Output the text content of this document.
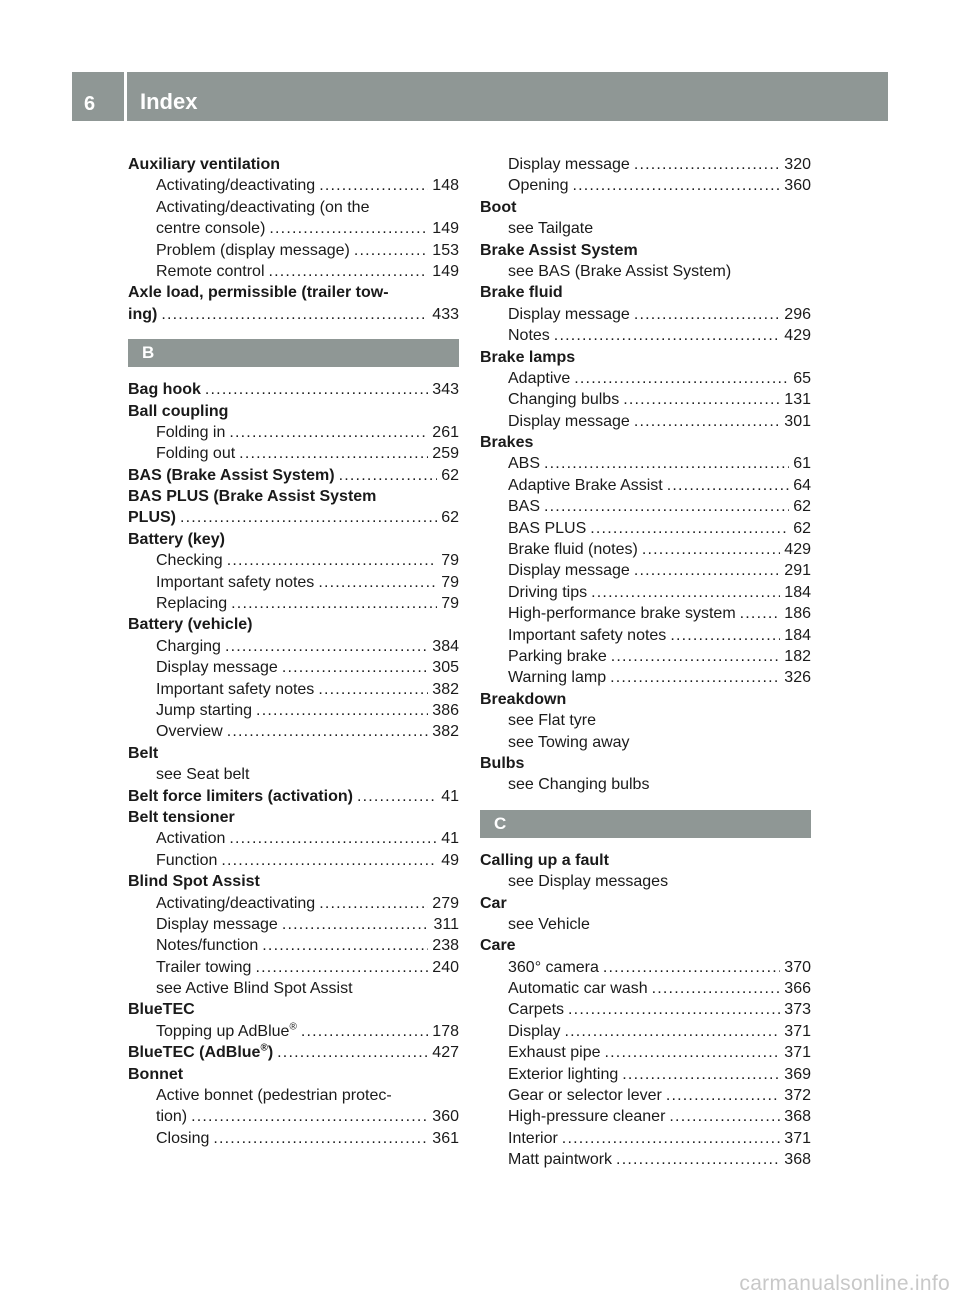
6 Index
Auxiliary ventilation
Activating/deactivating .....	148
Activating/deactivating (on the
centre console) .....	149
Problem (display message) .....	153
Remote control .....	149
Axle load, permissible (trailer tow-
ing) .....	433
B
Bag hook .....	343
Ball coupling
Folding in .....	261
Folding out .....	259
BAS (Brake Assist System) .....	62
BAS PLUS (Brake Assist System
PLUS) .....	62
Battery (key)
Checking .....	79
Important safety notes .....	79
Replacing .....	79
Battery (vehicle)
Charging .....	384
Display message .....	305
Important safety notes .....	382
Jump starting .....	386
Overview .....	382
Belt
see Seat belt
Belt force limiters (activation) .....	41
Belt tensioner
Activation .....	41
Function .....	49
Blind Spot Assist
Activating/deactivating .....	279
Display message .....	311
Notes/function .....	238
Trailer towing .....	240
see Active Blind Spot Assist
BlueTEC
Topping up AdBlue® .....	178
BlueTEC (AdBlue®) .....	427
Bonnet
Active bonnet (pedestrian protec-
tion) .....	360
Closing .....	361
Display message .....	320
Opening .....	360
Boot
see Tailgate
Brake Assist System
see BAS (Brake Assist System)
Brake fluid
Display message .....	296
Notes .....	429
Brake lamps
Adaptive .....	65
Changing bulbs .....	131
Display message .....	301
Brakes
ABS .....	61
Adaptive Brake Assist .....	64
BAS .....	62
BAS PLUS .....	62
Brake fluid (notes) .....	429
Display message .....	291
Driving tips .....	184
High-performance brake system .....	186
Important safety notes .....	184
Parking brake .....	182
Warning lamp .....	326
Breakdown
see Flat tyre
see Towing away
Bulbs
see Changing bulbs
C
Calling up a fault
see Display messages
Car
see Vehicle
Care
360° camera .....	370
Automatic car wash .....	366
Carpets .....	373
Display .....	371
Exhaust pipe .....	371
Exterior lighting .....	369
Gear or selector lever .....	372
High-pressure cleaner .....	368
Interior .....	371
Matt paintwork .....	368
carmanualsonline.info
